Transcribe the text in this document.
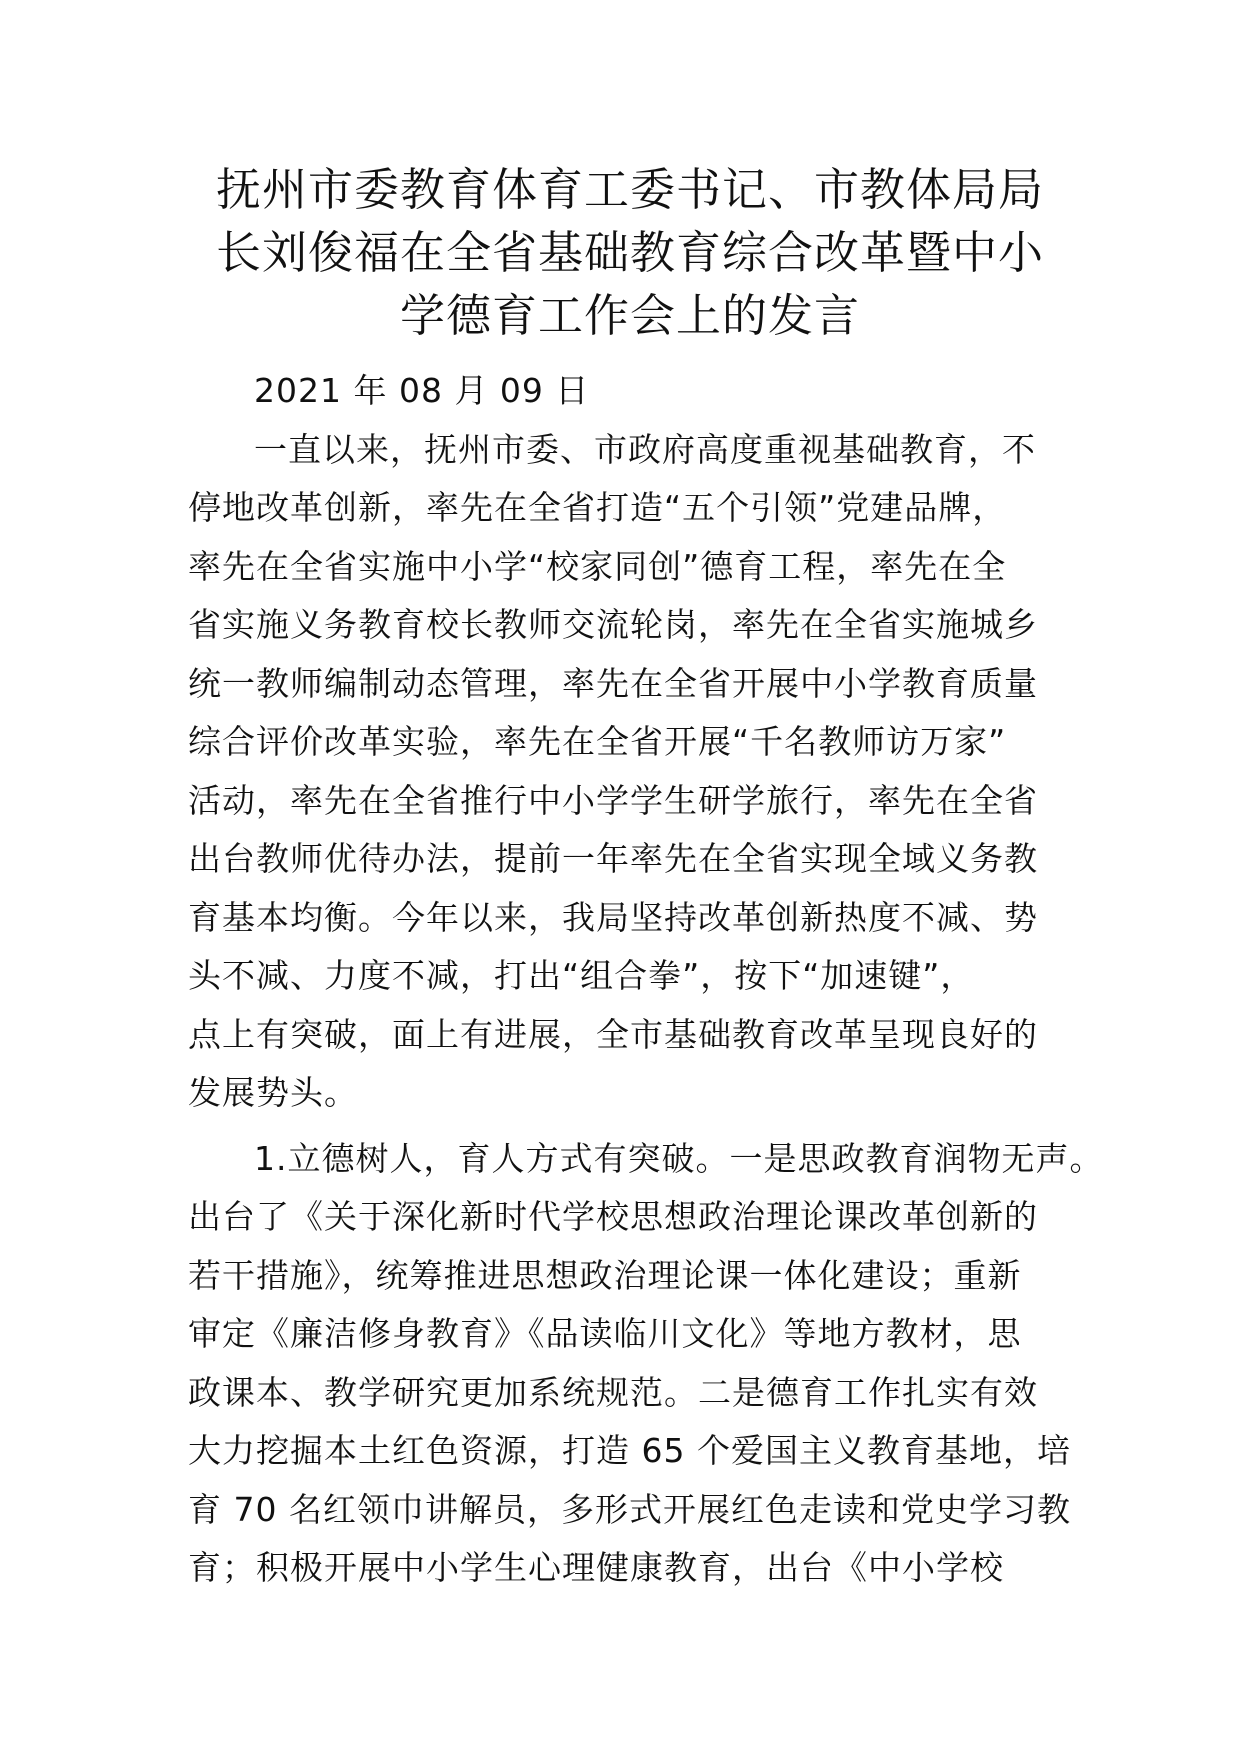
抚州市委教育体育工委书记、市教体局局
长刘俊福在全省基础教育综合改革暨中小
学德育工作会上的发言
2021 年 08 月 09 日
一直以来，抚州市委、市政府高度重视基础教育，不
停地改革创新，率先在全省打造“五个引领”党建品牌，
率先在全省实施中小学“校家同创”德育工程，率先在全
省实施义务教育校长教师交流轮岗，率先在全省实施城乡
统一教师编制动态管理，率先在全省开展中小学教育质量
综合评价改革实验，率先在全省开展“千名教师访万家”
活动，率先在全省推行中小学学生研学旅行，率先在全省
出台教师优待办法，提前一年率先在全省实现全域义务教
育基本均衡。今年以来，我局坚持改革创新热度不减、势
头不减、力度不减，打出“组合拳”，按下“加速键”，
点上有突破，面上有进展，全市基础教育改革呈现良好的
发展势头。
1.立德树人，育人方式有突破。一是思政教育润物无声。
出台了《关于深化新时代学校思想政治理论课改革创新的
若干措施》，统筹推进思想政治理论课一体化建设；重新
审定《廉洁修身教育》《品读临川文化》等地方教材，思
政课本、教学研究更加系统规范。二是德育工作扎实有效
大力挖掘本土红色资源，打造 65 个爱国主义教育基地，培
育 70 名红领巾讲解员，多形式开展红色走读和党史学习教
育；积极开展中小学生心理健康教育，出台《中小学校
